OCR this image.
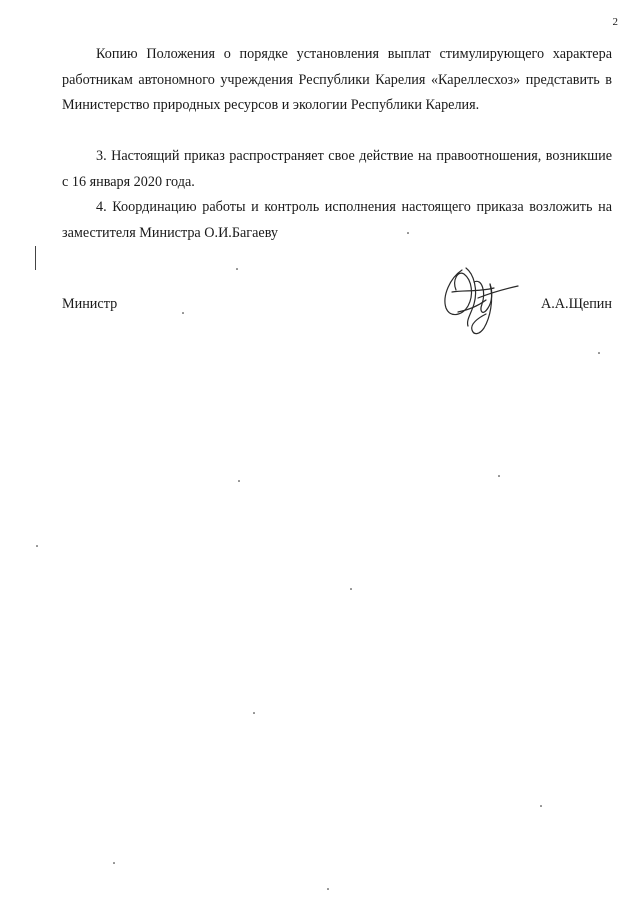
2

Копию Положения о порядке установления выплат стимулирующего характера работникам автономного учреждения Республики Карелия «Кареллесхоз» представить в Министерство природных ресурсов и экологии Республики Карелия.

3. Настоящий приказ распространяет свое действие на правоотношения, возникшие с 16 января 2020 года.

4. Координацию работы и контроль исполнения настоящего приказа возложить на заместителя Министра О.И.Багаеву

Министр	А.А.Щепин
